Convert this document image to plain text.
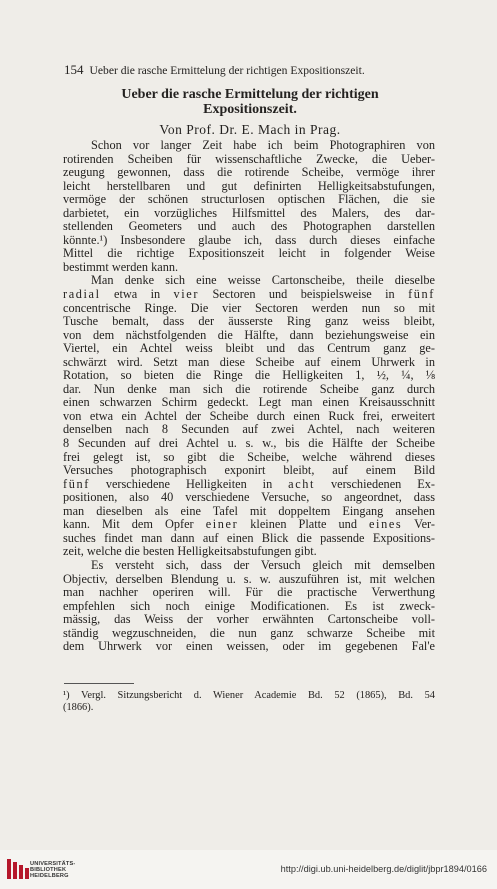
154 Ueber die rasche Ermittelung der richtigen Expositionszeit.
Ueber die rasche Ermittelung der richtigen
Expositionszeit.
Von Prof. Dr. E. Mach in Prag.
Schon vor langer Zeit habe ich beim Photographiren von
rotirenden Scheiben für wissenschaftliche Zwecke, die Ueber-
zeugung gewonnen, dass die rotirende Scheibe, vermöge ihrer
leicht herstellbaren und gut definirten Helligkeitsabstufungen,
vermöge der schönen structurlosen optischen Flächen, die sie
darbietet, ein vorzügliches Hilfsmittel des Malers, des dar-
stellenden Geometers und auch des Photographen darstellen
könnte.¹) Insbesondere glaube ich, dass durch dieses einfache
Mittel die richtige Expositionszeit leicht in folgender Weise
bestimmt werden kann.
Man denke sich eine weisse Cartonscheibe, theile dieselbe
radial etwa in vier Sectoren und beispielsweise in fünf
concentrische Ringe. Die vier Sectoren werden nun so mit
Tusche bemalt, dass der äusserste Ring ganz weiss bleibt,
von dem nächstfolgenden die Hälfte, dann beziehungsweise ein
Viertel, ein Achtel weiss bleibt und das Centrum ganz ge-
schwärzt wird. Setzt man diese Scheibe auf einem Uhrwerk in
Rotation, so bieten die Ringe die Helligkeiten 1, ½, ¼, ⅛
dar. Nun denke man sich die rotirende Scheibe ganz durch
einen schwarzen Schirm gedeckt. Legt man einen Kreisausschnitt
von etwa ein Achtel der Scheibe durch einen Ruck frei, erweitert
denselben nach 8 Secunden auf zwei Achtel, nach weiteren
8 Secunden auf drei Achtel u. s. w., bis die Hälfte der Scheibe
frei gelegt ist, so gibt die Scheibe, welche während dieses
Versuches photographisch exponirt bleibt, auf einem Bild
fünf verschiedene Helligkeiten in acht verschiedenen Ex-
positionen, also 40 verschiedene Versuche, so angeordnet, dass
man dieselben als eine Tafel mit doppeltem Eingang ansehen
kann. Mit dem Opfer einer kleinen Platte und eines Ver-
suches findet man dann auf einen Blick die passende Expositions-
zeit, welche die besten Helligkeitsabstufungen gibt.
Es versteht sich, dass der Versuch gleich mit demselben
Objectiv, derselben Blendung u. s. w. auszuführen ist, mit welchen
man nachher operiren will. Für die practische Verwerthung
empfehlen sich noch einige Modificationen. Es ist zweck-
mässig, das Weiss der vorher erwähnten Cartonscheibe voll-
ständig wegzuschneiden, die nun ganz schwarze Scheibe mit
dem Uhrwerk vor einen weissen, oder im gegebenen Fal'e
¹) Vergl. Sitzungsbericht d. Wiener Academie Bd. 52 (1865), Bd. 54
(1866).
UNIVERSITÄTS-
BIBLIOTHEK
HEIDELBERG
http://digi.ub.uni-heidelberg.de/diglit/jbpr1894/0166
